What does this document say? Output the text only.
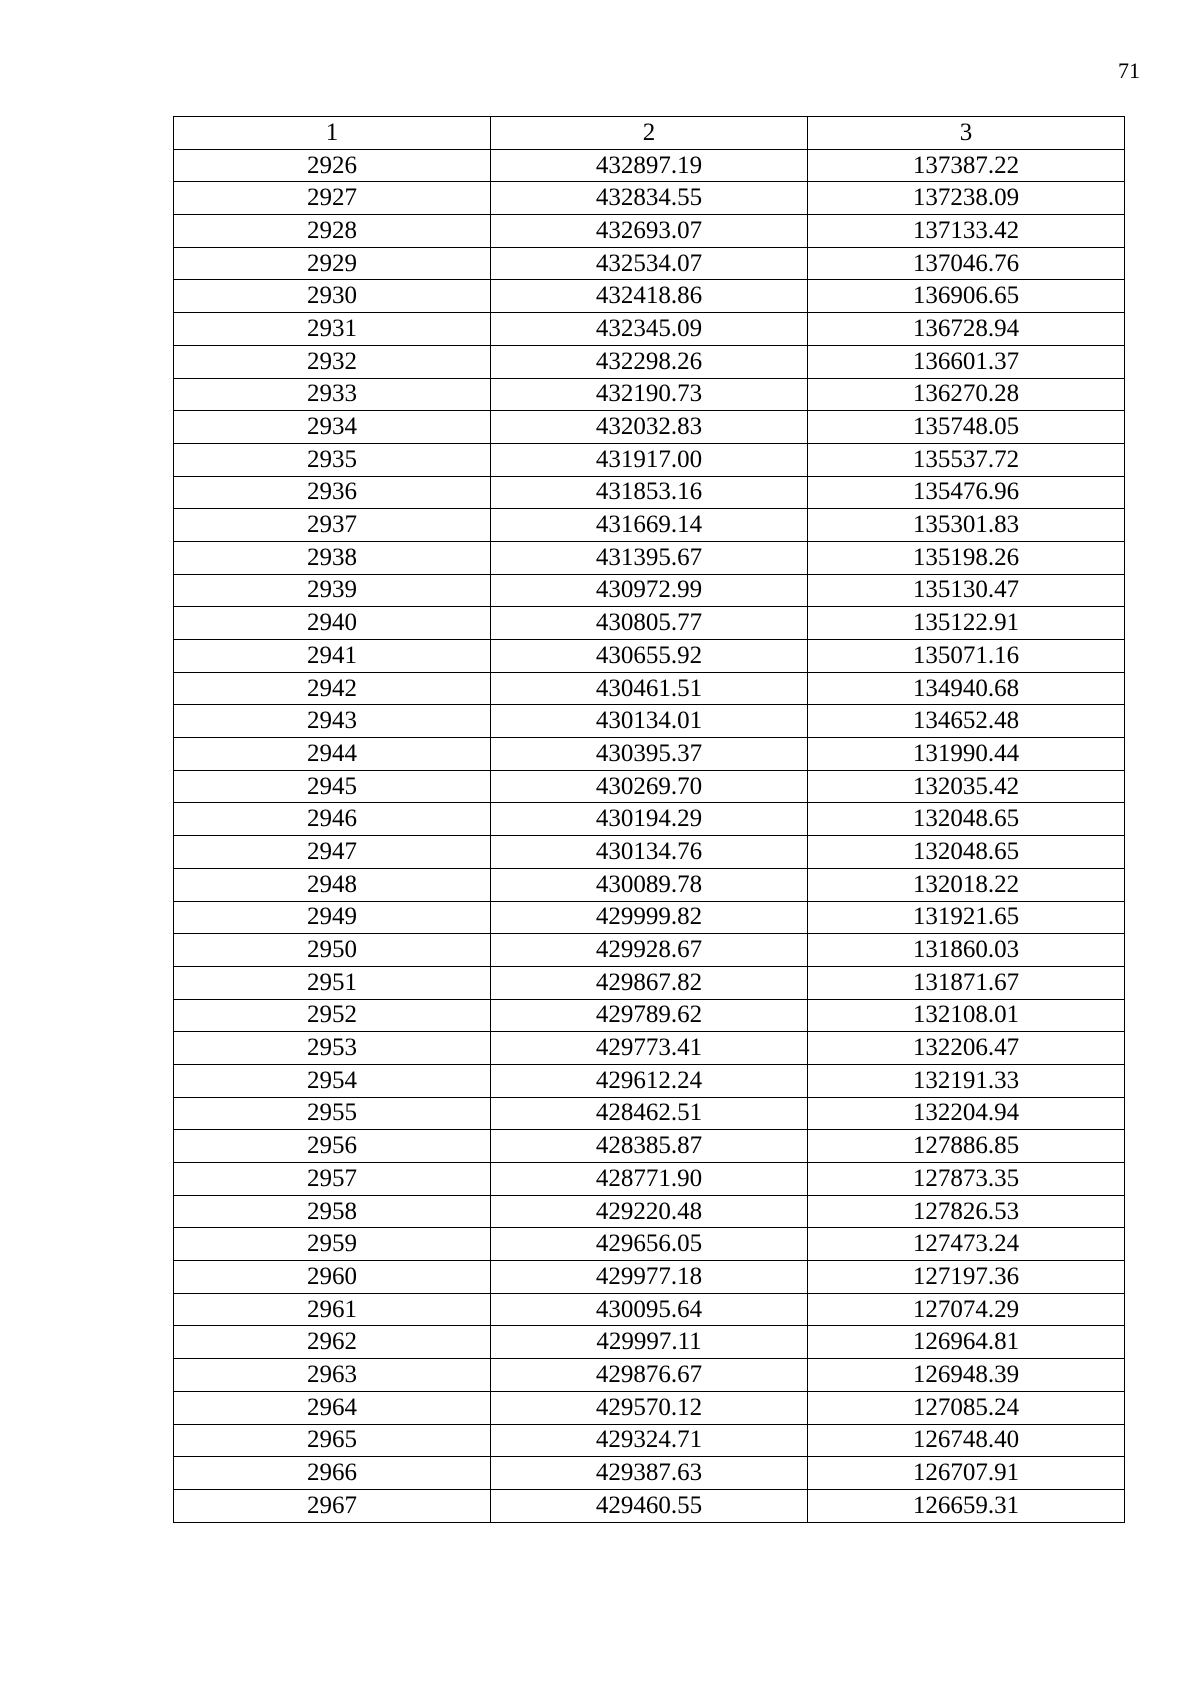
71
1	2	3
2926	432897.19	137387.22
2927	432834.55	137238.09
2928	432693.07	137133.42
2929	432534.07	137046.76
2930	432418.86	136906.65
2931	432345.09	136728.94
2932	432298.26	136601.37
2933	432190.73	136270.28
2934	432032.83	135748.05
2935	431917.00	135537.72
2936	431853.16	135476.96
2937	431669.14	135301.83
2938	431395.67	135198.26
2939	430972.99	135130.47
2940	430805.77	135122.91
2941	430655.92	135071.16
2942	430461.51	134940.68
2943	430134.01	134652.48
2944	430395.37	131990.44
2945	430269.70	132035.42
2946	430194.29	132048.65
2947	430134.76	132048.65
2948	430089.78	132018.22
2949	429999.82	131921.65
2950	429928.67	131860.03
2951	429867.82	131871.67
2952	429789.62	132108.01
2953	429773.41	132206.47
2954	429612.24	132191.33
2955	428462.51	132204.94
2956	428385.87	127886.85
2957	428771.90	127873.35
2958	429220.48	127826.53
2959	429656.05	127473.24
2960	429977.18	127197.36
2961	430095.64	127074.29
2962	429997.11	126964.81
2963	429876.67	126948.39
2964	429570.12	127085.24
2965	429324.71	126748.40
2966	429387.63	126707.91
2967	429460.55	126659.31
